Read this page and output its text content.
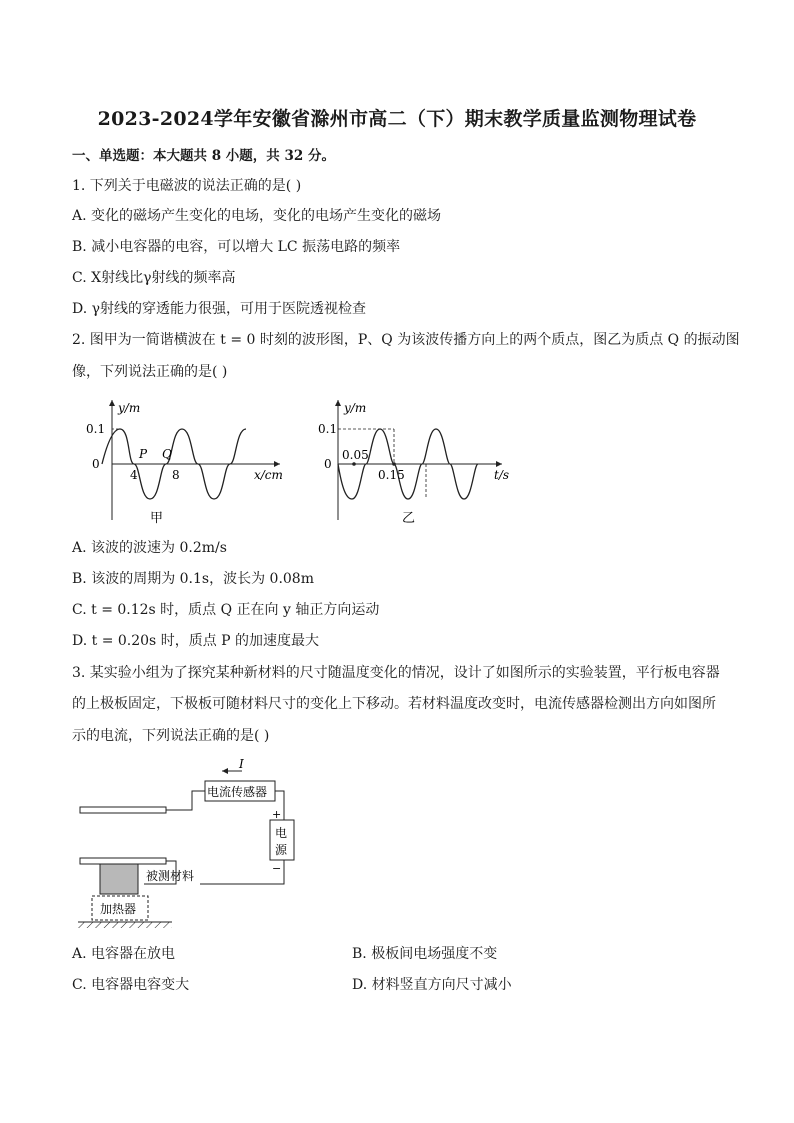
2023-2024学年安徽省滁州市高二（下）期末教学质量监测物理试卷
一、单选题：本大题共 8 小题，共 32 分。
1. 下列关于电磁波的说法正确的是( )
A. 变化的磁场产生变化的电场，变化的电场产生变化的磁场
B. 减小电容器的电容，可以增大 LC 振荡电路的频率
C. X射线比γ射线的频率高
D. γ射线的穿透能力很强，可用于医院透视检查
2. 图甲为一简谐横波在 t = 0 时刻的波形图，P、Q 为该波传播方向上的两个质点，图乙为质点 Q 的振动图
像，下列说法正确的是( )
y/m
0.1
0
4	8
P Q
x/cm
甲
y/m
0.1
0
0.05
0.15	t/s
乙
A. 该波的波速为 0.2m/s
B. 该波的周期为 0.1s，波长为 0.08m
C. t = 0.12s 时，质点 Q 正在向 y 轴正方向运动
D. t = 0.20s 时，质点 P 的加速度最大
3. 某实验小组为了探究某种新材料的尺寸随温度变化的情况，设计了如图所示的实验装置，平行板电容器
的上极板固定，下极板可随材料尺寸的变化上下移动。若材料温度改变时，电流传感器检测出方向如图所
示的电流，下列说法正确的是( )
I
电流传感器
电
源
+
−
被测材料
加热器
A. 电容器在放电	B. 极板间电场强度不变
C. 电容器电容变大	D. 材料竖直方向尺寸减小
